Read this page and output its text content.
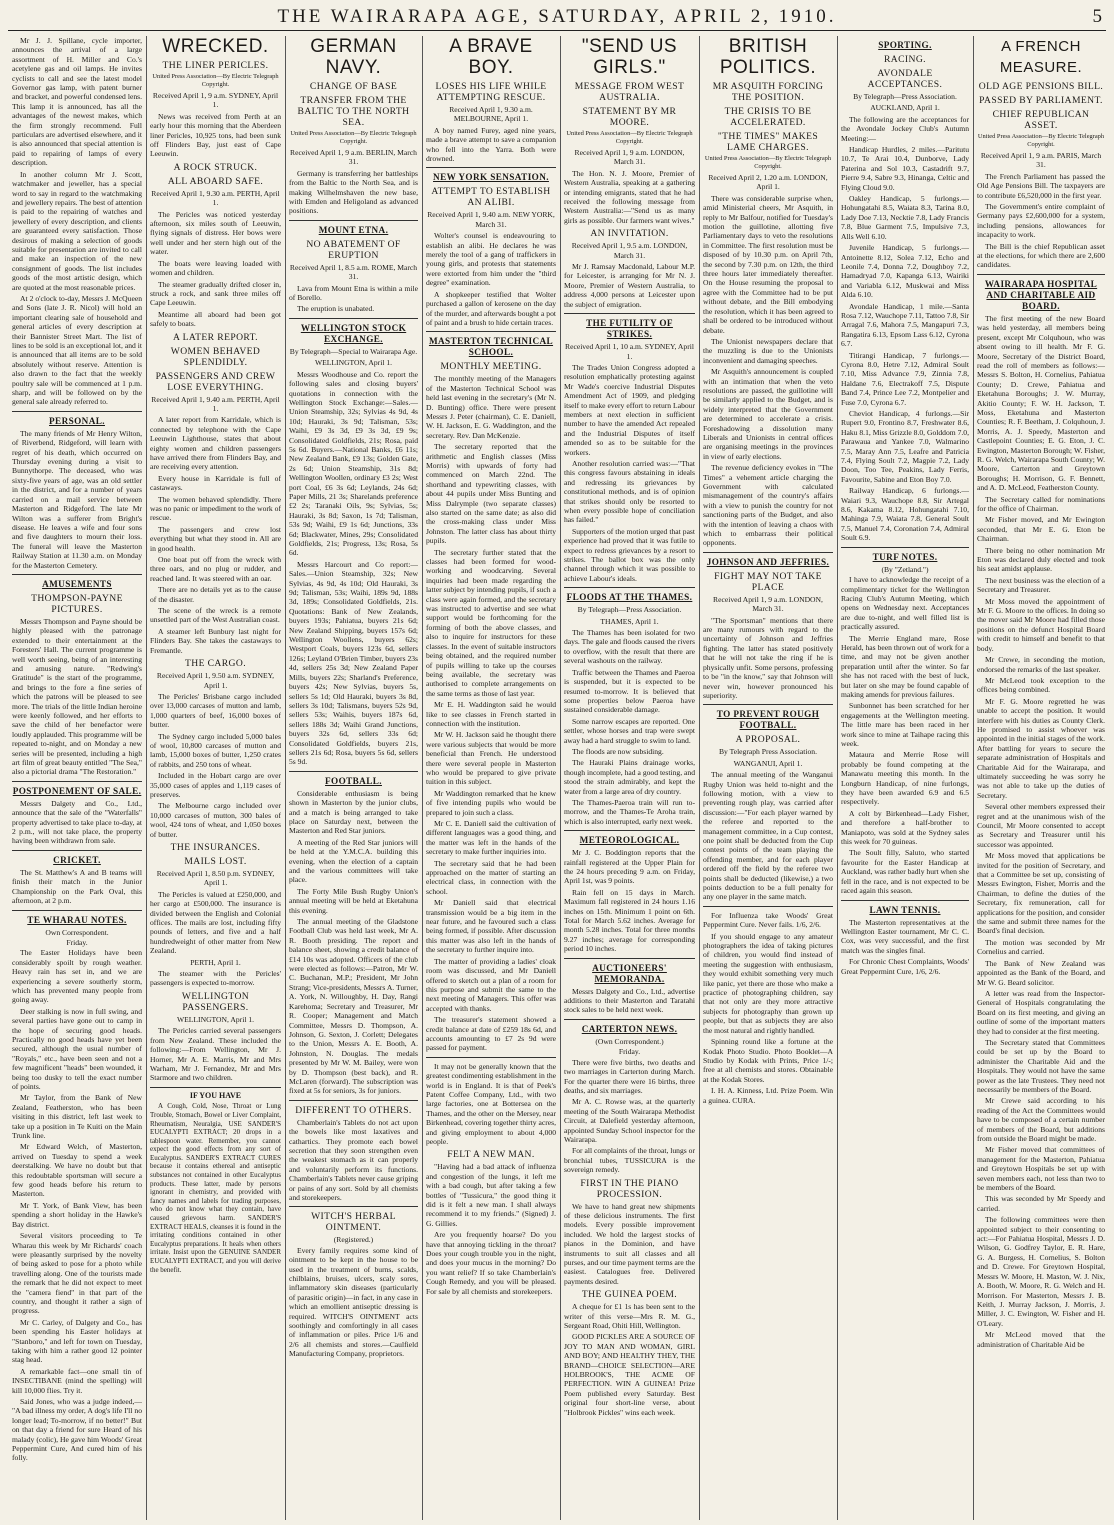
THE WAIRARAPA AGE, SATURDAY, APRIL 2, 1910.	5

Mr J. J. Spillane, cycle importer, announces the arrival of a large assortment of H. Miller and Co.'s acetylene gas and oil lamps. He invites cyclists to call and see the latest model Governor gas lamp, with patent burner and bracket, and powerful condensed lens. This lamp it is announced, has all the advantages of the newest makes, which the firm strongly recommend. Full particulars are advertised elsewhere, and it is also announced that special attention is paid to repairing of lamps of every description.

In another column Mr J. Scott, watchmaker and jeweller, has a special word to say in regard to the watchmaking and jewellery repairs. The best of attention is paid to the repairing of watches and jewellery of every description, and clients are guaranteed every satisfaction. Those desirous of making a selection of goods suitable for presentation are invited to call and make an inspection of the new consignment of goods. The list includes goods of the most artistic design, which are quoted at the most reasonable prices.

At 2 o'clock to-day, Messrs J. McQueen and Sons (late J. R. Nicol) will hold an important clearing sale of household and general articles of every description at their Bannister Street Mart. The list of lines to be sold is an exceptional lot, and it is announced that all items are to be sold absolutely without reserve. Attention is also drawn to the fact that the weekly poultry sale will be commenced at 1 p.m. sharp, and will be followed on by the general sale already referred to.

PERSONAL.

The many friends of Mr Henry Wilton, of Riverbend, Ridgeford, will learn with regret of his death, which occurred on Thursday evening during a visit to Bunnythorpe. The deceased, who was sixty-five years of age, was an old settler in the district, and for a number of years carried on a mail service between Masterton and Ridgeford. The late Mr Wilton was a sufferer from Bright's disease. He leaves a wife and four sons and five daughters to mourn their loss. The funeral will leave the Masterton Railway Station at 11.30 a.m. on Monday for the Masterton Cemetery.

AMUSEMENTS
THOMPSON-PAYNE PICTURES.

Messrs Thompson and Payne should be highly pleased with the patronage extended to their entertainment at the Foresters' Hall. The current programme is well worth seeing, being of an interesting and amusing nature. "Redwing's Gratitude" is the start of the programme, and brings to the fore a fine series of which the patrons will be pleased to see more. The trials of the little Indian heroine were keenly followed, and her efforts to save the child of her benefactor were loudly applauded. This programme will be repeated to-night, and on Monday a new series will be presented, including a high art film of great beauty entitled "The Sea," also a pictorial drama "The Restoration."

POSTPONEMENT OF SALE.

Messrs Dalgety and Co., Ltd., announce that the sale of the "Waterfalls" property advertised to take place to-day, at 2 p.m., will not take place, the property having been withdrawn from sale.

CRICKET.

The St. Matthew's A and B teams will finish their match in the Junior Championship on the Park Oval, this afternoon, at 2 p.m.

TE WHARAU NOTES.

Own Correspondent.

Friday.

The Easter Holidays have been considerably spoilt by rough weather. Heavy rain has set in, and we are experiencing a severe southerly storm, which has prevented many people from going away.

Deer stalking is now in full swing, and several parties have gone out to camp in the hope of securing good heads. Practically no good heads have yet been secured, although the usual number of "Royals," etc., have been seen and not a few magnificent "heads" been wounded, it being too dusky to tell the exact number of points.

Mr Taylor, from the Bank of New Zealand, Featherston, who has been visiting in this district, left last week to take up a position in Te Kuiti on the Main Trunk line.

Mr Edward Welch, of Masterton, arrived on Tuesday to spend a week deerstalking. We have no doubt but that this redoubtable sportsman will secure a few good heads before his return to Masterton.

Mr T. York, of Bank View, has been spending a short holiday in the Hawke's Bay district.

Several visitors proceeding to Te Wharau this week by Mr Richards' coach were pleasantly surprised by the novelty of being asked to pose for a photo while travelling along. One of the tourists made the remark that he did not expect to meet the "camera fiend" in that part of the country, and thought it rather a sign of progress.

Mr C. Carley, of Dalgety and Co., has been spending his Easter holidays at "Stanboro," and left for town on Tuesday, taking with him a rather good 12 pointer stag head.

A remarkable fact—one small tin of INSECTIBANE (mind the spelling) will kill 10,000 flies. Try it.

Said Jones, who was a judge indeed,— "A bad illness my order, A dog's life I'll no longer lead; To-morrow, if no better!" But on that day a friend for sure Heard of his malady (colic), He gave him Woods' Great Peppermint Cure, And cured him of his folly.

WRECKED.
THE LINER PERICLES.

United Press Association—By Electric Telegraph Copyright.

Received April 1, 9 a.m. SYDNEY, April 1.

News was received from Perth at an early hour this morning that the Aberdeen liner Pericles, 10,925 tons, had been sunk off Flinders Bay, just east of Cape Leeuwin.

A ROCK STRUCK.
ALL ABOARD SAFE.

Received April 1, 9.30 a.m. PERTH, April 1.

The Pericles was noticed yesterday afternoon, six miles south of Leeuwin, flying signals of distress. Her bows were well under and her stern high out of the water.

The boats were leaving loaded with women and children.

The steamer gradually drifted closer in, struck a rock, and sank three miles off Cape Leeuwin.

Meantime all aboard had been got safely to boats.

A LATER REPORT.
WOMEN BEHAVED SPLENDIDLY.
PASSENGERS AND CREW LOSE EVERYTHING.

Received April 1, 9.40 a.m. PERTH, April 1.

A later report from Karridale, which is connected by telephone with the Cape Leeuwin Lighthouse, states that about eighty women and children passengers have arrived there from Flinders Bay, and are receiving every attention.

Every house in Karridale is full of castaways.

The women behaved splendidly. There was no panic or impediment to the work of rescue.

The passengers and crew lost everything but what they stood in. All are in good health.

One boat put off from the wreck with three oars, and no plug or rudder, and reached land. It was steered with an oar.

There are no details yet as to the cause of the disaster.

The scene of the wreck is a remote unsettled part of the West Australian coast.

A steamer left Bunbury last night for Flinders Bay. She takes the castaways to Fremantle.

THE CARGO.

Received April 1, 9.50 a.m. SYDNEY, April 1.

The Pericles' Brisbane cargo included over 13,000 carcases of mutton and lamb, 1,000 quarters of beef, 16,000 boxes of butter.

The Sydney cargo included 5,000 bales of wool, 10,800 carcases of mutton and lamb, 15,000 boxes of butter, 1,250 crates of rabbits, and 250 tons of wheat.

Included in the Hobart cargo are over 35,000 cases of apples and 1,119 cases of preserves.

The Melbourne cargo included over 10,000 carcases of mutton, 300 bales of wool, 424 tons of wheat, and 1,050 boxes of butter.

THE INSURANCES.
MAILS LOST.

Received April 1, 8.50 p.m. SYDNEY, April 1.

The Pericles is valued at £250,000, and her cargo at £500,000. The insurance is divided between the English and Colonial offices. The mails are lost, including fifty pounds of letters, and five and a half hundredweight of other matter from New Zealand.

PERTH, April 1.

The steamer with the Pericles' passengers is expected to-morrow.

WELLINGTON PASSENGERS.

WELLINGTON, April 1.

The Pericles carried several passengers from New Zealand. These included the following:—From Wellington, Mr J. Horner, Mr A. E. Marris, Mr and Mrs Warham, Mr J. Fernandez, Mr and Mrs Starmore and two children.

IF YOU HAVE

A Cough, Cold, Nose, Throat or Lung Trouble, Stomach, Bowel or Liver Complaint, Rheumatism, Neuralgia, USE SANDER'S EUCALYPTI EXTRACT; 20 drops in a tablespoon water. Remember, you cannot expect the good effects from any sort of Eucalyptus. SANDER'S EXTRACT CURES because it contains ethereal and antiseptic substances not contained in other Eucalyptus products. These latter, made by persons ignorant in chemistry, and provided with fancy names and labels for trading purposes, who do not know what they contain, have caused grievous harm. SANDER'S EXTRACT HEALS, cleanses it is found in the irritating conditions contained in other Eucalyptus preparations. It heals when others irritate. Insist upon the GENUINE SANDER EUCALYPTI EXTRACT, and you will derive the benefit.

GERMAN NAVY.
CHANGE OF BASE
TRANSFER FROM THE BALTIC TO THE NORTH SEA.

United Press Association—By Electric Telegraph Copyright.

Received April 1, 9 a.m. BERLIN, March 31.

Germany is transferring her battleships from the Baltic to the North Sea, and is making Wilhelmshaven the new base, with Emden and Heligoland as advanced positions.

MOUNT ETNA.
NO ABATEMENT OF ERUPTION

Received April 1, 8.5 a.m. ROME, March 31.

Lava from Mount Etna is within a mile of Borello.

The eruption is unabated.

WELLINGTON STOCK EXCHANGE.

By Telegraph—Special to Wairarapa Age.

WELLINGTON, April 1.

Messrs Woodhouse and Co. report the following sales and closing buyers' quotations in connection with the Wellington Stock Exchange:—Sales.—Union Steamship, 32s; Sylvias 4s 9d, 4s 10d; Hauraki, 3s 9d; Talisman, 53s; Waihi, £9 3s 3d, £9 3s 3d, £9 9s; Consolidated Goldfields, 21s; Rosa, paid 5s 6d. Buyers.—National Banks, £6 11s; New Zealand Bank, £9 13s; Golden Gate, 2s 6d; Union Steamship, 31s 8d; Wellington Woollen, ordinary £3 2s; West port Coal, £6 3s 6d; Leylands, 24s 6d; Paper Mills, 21 3s; Sharelands preference £2 2s; Taranaki Oils, 9s; Sylvias, 5s; Hauraki, 3s 8d; Saxon, 1s 7d; Talisman, 53s 9d; Waihi, £9 1s 6d; Junctions, 33s 6d; Blackwater, Mines, 29s; Consolidated Goldfields, 21s; Progress, 13s; Rosa, 5s 6d.

Messrs Harcourt and Co report:—Sales.—Union Steamship, 32s; New Sylvias, 4s 9d, 4s 10d; Old Hauraki, 3s 9d; Talisman, 53s; Waihi, 189s 9d, 188s 3d, 189s; Consolidated Goldfields, 21s. Quotations: Bank of New Zealands, buyers 193s; Pahiatua, buyers 21s 6d; New Zealand Shipping, buyers 157s 6d; Wellington Woollens, buyers 62s; Westport Coals, buyers 123s 6d, sellers 126s; Leyland O'Brien Timber, buyers 23s 4d, sellers 25s 3d; New Zealand Paper Mills, buyers 22s; Sharland's Preference, buyers 42s; New Sylvias, buyers 5s, sellers 5s 1d; Old Hauraki, buyers 3s 8d, sellers 3s 10d; Talismans, buyers 52s 9d, sellers 53s; Waihis, buyers 187s 6d, sellers 188s 3d; Waihi Grand Junctions, buyers 32s 6d, sellers 33s 6d; Consolidated Goldfields, buyers 21s, sellers 21s 6d; Rosa, buyers 5s 6d, sellers 5s 9d.

FOOTBALL.

Considerable enthusiasm is being shown in Masterton by the junior clubs, and a match is being arranged to take place on Saturday next, between the Masterton and Red Star juniors.

A meeting of the Red Star juniors will be held at the Y.M.C.A. building this evening, when the election of a captain and the various committees will take place.

The Forty Mile Bush Rugby Union's annual meeting will be held at Eketahuna this evening.

The annual meeting of the Gladstone Football Club was held last week, Mr A. R. Booth presiding. The report and balance sheet, showing a credit balance of £14 10s was adopted. Officers of the club were elected as follows:—Patron, Mr W. C. Buchanan, M.P.; President, Mr John Strang; Vice-presidents, Messrs A. Turner, A. York, N. Willoughby, H. Day, Rangi Karehoma; Secretary and Treasurer, Mr R. Cooper; Management and Match Committee, Messrs D. Thompson, A. Johnson, G. Sexton, J. Corlett; Delegates to the Union, Messrs A. E. Booth, A. Johnston, N. Douglas. The medals presented by Mr W. M. Bailey, were won by D. Thompson (best back), and R. McLaren (forward). The subscription was fixed at 5s for seniors, 3s for juniors.

DIFFERENT TO OTHERS.

Chamberlain's Tablets do not act upon the bowels like most laxatives and cathartics. They promote each bowel secretion that they soon strengthen even the weakest stomach as it can properly and voluntarily perform its functions. Chamberlain's Tablets never cause griping or pains of any sort. Sold by all chemists and storekeepers.

WITCH'S HERBAL OINTMENT.

(Registered.)

Every family requires some kind of ointment to be kept in the house to be used in the treatment of burns, scalds, chilblains, bruises, ulcers, scaly sores, inflammatory skin diseases (particularly of parasitic origin)—in fact, in any case in which an emollient antiseptic dressing is required. WITCH'S OINTMENT acts soothingly and comfortingly in all cases of inflammation or piles. Price 1/6 and 2/6 all chemists and stores.—Caulfield Manufacturing Company, proprietors.

A BRAVE BOY.
LOSES HIS LIFE WHILE ATTEMPTING RESCUE.

Received April 1, 9.30 a.m. MELBOURNE, April 1.

A boy named Furey, aged nine years, made a brave attempt to save a companion who fell into the Yarra. Both were drowned.

NEW YORK SENSATION.
ATTEMPT TO ESTABLISH AN ALIBI.

Received April 1, 9.40 a.m. NEW YORK, March 31.

Wolter's counsel is endeavouring to establish an alibi. He declares he was merely the tool of a gang of traffickers in young girls, and protests that statements were extorted from him under the "third degree" examination.

A shopkeeper testified that Wolter purchased a gallon of kerosene on the day of the murder, and afterwards bought a pot of paint and a brush to hide certain traces.

MASTERTON TECHNICAL SCHOOL.
MONTHLY MEETING.

The monthly meeting of the Managers of the Masterton Technical School was held last evening in the secretary's (Mr N. D. Bunting) office. There were present Messrs J. Peter (chairman), C. E. Daniell, W. H. Jackson, E. G. Waddington, and the secretary. Rev. Dan McKenzie.

The secretary reported that the arithmetic and English classes (Miss Morris) with upwards of forty had commenced on March 22nd. The shorthand and typewriting classes, with about 44 pupils under Miss Bunting and Miss Dalrymple (two separate classes) also started on the same date; as also did the cross-making class under Miss Johnston. The latter class has about thirty pupils.

The secretary further stated that the classes had been formed for wood-working and woodcarving. Several inquiries had been made regarding the latter subject by intending pupils, if such a class were again formed, and the secretary was instructed to advertise and see what support would be forthcoming for the forming of both the above classes, and also to inquire for instructors for these classes. In the event of suitable instructors being obtained, and the required number of pupils willing to take up the courses being available, the secretary was authorised to complete arrangements on the same terms as those of last year.

Mr E. H. Waddington said he would like to see classes in French started in connection with the institution.

Mr W. H. Jackson said he thought there were various subjects that would be more beneficial than French. He understood there were several people in Masterton who would be prepared to give private tuition in this subject.

Mr Waddington remarked that he knew of five intending pupils who would be prepared to join such a class.

Mr C. E. Daniell said the cultivation of different languages was a good thing, and the matter was left in the hands of the secretary to make further inquiries into.

The secretary said that he had been approached on the matter of starting an electrical class, in connection with the school.

Mr Daniell said that electrical transmission would be a big item in the near future, and he favoured such a class being formed, if possible. After discussion this matter was also left in the hands of the secretary to further inquire into.

The matter of providing a ladies' cloak room was discussed, and Mr Daniell offered to sketch out a plan of a room for this purpose and submit the same to the next meeting of Managers. This offer was accepted with thanks.

The treasurer's statement showed a credit balance at date of £259 18s 6d, and accounts amounting to £7 2s 9d were passed for payment.

It may not be generally known that the greatest condimenting establishment in the world is in England. It is that of Peek's Patent Coffee Company, Ltd., with two large factories, one at Bottersea on the Thames, and the other on the Mersey, near Birkenhead, covering together thirty acres, and giving employment to about 4,000 people.

FELT A NEW MAN.

"Having had a bad attack of influenza and congestion of the lungs, it left me with a bad cough, but after taking a few bottles of "Tussicura," the good thing it did is it felt a new man. I shall always recommend it to my friends." (Signed) J. G. Gillies.

Are you frequently hoarse? Do you have that annoying tickling in the throat? Does your cough trouble you in the night, and does your mucus in the morning? Do you want relief? If so take Chamberlain's Cough Remedy, and you will be pleased. For sale by all chemists and storekeepers.

"SEND US GIRLS."
MESSAGE FROM WEST AUSTRALIA.
STATEMENT BY MR MOORE.

United Press Association—By Electric Telegraph Copyright.

Received April 1, 9 a.m. LONDON, March 31.

The Hon. N. J. Moore, Premier of Western Australia, speaking at a gathering or intending emigrants, stated that he had received the following message from Western Australia:—"Send us as many girls as possible. Our farmers want wives."

AN INVITATION.

Received April 1, 9.5 a.m. LONDON, March 31.

Mr J. Ramsay Macdonald, Labour M.P. for Leicester, is arranging for Mr N. J. Moore, Premier of Western Australia, to address 4,000 persons at Leicester upon the subject of emigration.

THE FUTILITY OF STRIKES.

Received April 1, 10 a.m. SYDNEY, April 1.

The Trades Union Congress adopted a resolution emphatically protesting against Mr Wade's coercive Industrial Disputes Amendment Act of 1909, and pledging itself to make every effort to return Labour members at next election in sufficient number to have the amended Act repealed and the Industrial Disputes of itself amended so as to be suitable for the workers.

Another resolution carried was:—"That this congress favours abstaining in ideals and redressing its grievances by constitutional methods, and is of opinion that strikes should only be resorted to when every possible hope of conciliation has failed."

Supporters of the motion urged that past experience had proved that it was futile to expect to redress grievances by a resort to strikes. The ballot box was the only channel through which it was possible to achieve Labour's ideals.

FLOODS AT THE THAMES.

By Telegraph—Press Association.

THAMES, April 1.

The Thames has been isolated for two days. The gale and floods caused the rivers to overflow, with the result that there are several washouts on the railway.

Traffic between the Thames and Paeroa is suspended, but it is expected to be resumed to-morrow. It is believed that some properties below Paeroa have sustained considerable damage.

Some narrow escapes are reported. One settler, whose horses and trap were swept away had a hard struggle to swim to land.

The floods are now subsiding.

The Hauraki Plains drainage works, though incomplete, had a good testing, and stood the strain admirably, and kept the water from a large area of dry country.

The Thames-Paeroa train will run to-morrow, and the Thames-Te Aroha train, which is also interrupted, early next week.

METEOROLOGICAL.

Mr J. C. Boddington reports that the rainfall registered at the Upper Plain for the 24 hours preceding 9 a.m. on Friday, April 1st, was 9 points.

Rain fell on 15 days in March. Maximum fall registered in 24 hours 1.16 inches on 15th. Minimum 1 point on 6th. Total for March 5.62 inches. Average for month 5.28 inches. Total for three months 9.27 inches; average for corresponding period 10 inches.

AUCTIONEERS' MEMORANDA.

Messrs Dalgety and Co., Ltd., advertise additions to their Masterton and Taratahi stock sales to be held next week.

CARTERTON NEWS.

(Own Correspondent.)

Friday.

There were five births, two deaths and two marriages in Carterton during March. For the quarter there were 16 births, three deaths, and six marriages.

Mr A. C. Rowse was, at the quarterly meeting of the South Wairarapa Methodist Circuit, at Dalefield yesterday afternoon, appointed Sunday School inspector for the Wairarapa.

For all complaints of the throat, lungs or bronchial tubes, TUSSICURA is the sovereign remedy.

FIRST IN THE PIANO PROCESSION.

We have to hand great new shipments of these delicious instruments. The first models. Every possible improvement included. We hold the largest stocks of pianos in the Dominion, and have instruments to suit all classes and all purses, and our time payment terms are the easiest. Catalogues free. Delivered payments desired.

THE GUINEA POEM.

A cheque for £1 1s has been sent to the writer of this verse—Mrs R. M. G., Sergeant Road, Ohiti Hill, Wellington.

GOOD PICKLES ARE A SOURCE OF JOY TO MAN AND WOMAN, GIRL AND BOY; AND HEALTHY THEY, THE BRAND—CHOICE SELECTION—ARE HOLBROOK'S, THE ACME OF PERFECTION. WIN A GUINEA! Prize Poem published every Saturday. Best original four short-line verse, about "Holbrook Pickles" wins each week.

BRITISH POLITICS.
MR ASQUITH FORCING THE POSITION.
THE CRISIS TO BE ACCELERATED.
"THE TIMES" MAKES LAME CHARGES.

United Press Association—By Electric Telegraph Copyright.

Received April 2, 1.20 a.m. LONDON, April 1.

There was considerable surprise when, amid Ministerial cheers, Mr Asquith, in reply to Mr Balfour, notified for Tuesday's motion the guillotine, allotting five Parliamentary days to veto the resolutions in Committee. The first resolution must be disposed of by 10.30 p.m. on April 7th, the second by 7.30 p.m. on 12th, the third three hours later immediately thereafter. On the House resuming the proposal to agree with the Committee had to be put without debate, and the Bill embodying the resolution, which it has been agreed to shall be ordered to be introduced without debate.

The Unionist newspapers declare that the muzzling is due to the Unionists inconvenient and damaging speeches.

Mr Asquith's announcement is coupled with an intimation that when the veto resolutions are passed, the guillotine will be similarly applied to the Budget, and is widely interpreted that the Government are determined to accelerate a crisis. Foreshadowing a dissolution many Liberals and Unionists in central offices are organising meetings in the provinces in view of early elections.

The revenue deficiency evokes in "The Times" a vehement article charging the Government with calculated mismanagement of the country's affairs with a view to punish the country for not sanctioning parts of the Budget, and also with the intention of leaving a chaos with which to embarrass their political opponents.

JOHNSON AND JEFFRIES.
FIGHT MAY NOT TAKE PLACE

Received April 1, 9 a.m. LONDON, March 31.

"The Sportsman" mentions that there are many rumours with regard to the uncertainty of Johnson and Jeffries fighting. The latter has stated positively that he will not take the ring if he is physically unfit. Some persons, professing to be "in the know," say that Johnson will never win, however pronounced his superiority.

TO PREVENT ROUGH FOOTBALL.
A PROPOSAL.

By Telegraph Press Association.

WANGANUI, April 1.

The annual meeting of the Wanganui Rugby Union was held to-night and the following motion, with a view to preventing rough play, was carried after discussion:—"For each player warned by the referee and reported to the management committee, in a Cup contest, one point shall be deducted from the Cup contest points of the team playing the offending member, and for each player ordered off the field by the referee two points shall be deducted (likewise,) a two points deduction to be a full penalty for any one player in the same match.

For Influenza take Woods' Great Peppermint Cure. Never fails. 1/6, 2/6.

If you should engage to any amateur photographers the idea of taking pictures of children, you would find instead of meeting the suggestion with enthusiasm, they would exhibit something very much like panic, yet there are those who make a practice of photographing children, say that not only are they more attractive subjects for photography than grown up people, but that as subjects they are also the most natural and rightly handled.

Spinning round like a fortune at the Kodak Photo Studio. Photo Booklet—A Studio by Kodak with Prints, Price 1/-; free at all chemists and stores. Obtainable at the Kodak Stores.

I. H. A. Kinness, Ltd. Prize Poem. Win a guinea. CURA.

SPORTING.
RACING.
AVONDALE ACCEPTANCES.

By Telegraph—Press Association.

AUCKLAND, April 1.

The following are the acceptances for the Avondale Jockey Club's Autumn Meeting:—

Handicap Hurdles, 2 miles.—Paritutu 10.7, Te Arai 10.4, Dunborve, Lady Paterina and Sol 10.3, Castadrift 9.7, Pierre 9.4, Sabre 9.3, Hinanga, Celtic and Flying Cloud 9.0.

Oakley Handicap, 5 furlongs.—Hohungatahi 8.5, Waiata 8.3, Tarina 8.0, Lady Doe 7.13, Necktie 7.8, Lady Francis 7.8, Blue Garment 7.5, Impulsive 7.3, Alls Well 6.10.

Juvenile Handicap, 5 furlongs.—Antoinette 8.12, Solea 7.12, Echo and Leonile 7.4, Donna 7.2, Doughboy 7.2, Hamadryad 7.0, Kapanga 6.13, Wairiki and Variabla 6.12, Muskwai and Miss Alda 6.10.

Avondale Handicap, 1 mile.—Santa Rosa 7.12, Wauchope 7.11, Tattoo 7.8, Sir Arragal 7.6, Mahora 7.5, Mangapuri 7.3, Rangatira 6.13, Epsom Lass 6.12, Cyrona 6.7.

Titirangi Handicap, 7 furlongs.—Cyrona 8.0, Hetre 7.12, Admiral Soult 7.10, Miss Advance 7.9, Zinnia 7.8, Haldane 7.6, Electrakoff 7.5, Dispute Band 7.4, Prince Lee 7.2, Montpelier and Fuse 7.0, Cyrona 6.7.

Cheviot Handicap, 4 furlongs.—Sir Rupert 9.0, Frontino 8.7, Freshwater 8.6, Haku 8.1, Miss Grizzle 8.0, Golddom 7.0, Parawaua and Yankee 7.0, Walmarino 7.5, Maray Ann 7.5, Leafre and Patricia 7.4, Flying Soult 7.2, Magpie 7.2, Lady Doon, Too Tee, Peakins, Lady Ferris, Favourite, Sabine and Eton Boy 7.0.

Railway Handicap, 6 furlongs.—Waiari 9.3, Wauchope 8.8, Sir Artegal 8.6, Kakama 8.12, Hohungatahi 7.10, Mahinga 7.9, Waiata 7.8, General Soult 7.5, Manuel 7.4, Coronation 7.4, Admiral Soult 6.9.

TURF NOTES.

(By "Zetland.")

I have to acknowledge the receipt of a complimentary ticket for the Wellington Racing Club's Autumn Meeting, which opens on Wednesday next. Acceptances are due to-night, and well filled list is practically assured.

The Merrie England mare, Rose Herald, has been thrown out of work for a time, and may not be given another preparation until after the winter. So far she has not raced with the best of luck, but later on she may be found capable of making amends for previous failures.

Sunbonnet has been scratched for her engagements at the Wellington meeting. The little mare has been raced in her work since to mine at Taihape racing this week.

Mataura and Merrie Rose will probably be found competing at the Manawatu meeting this month. In the Longburn Handicap, of nine furlongs, they have been awarded 6.9 and 6.5 respectively.

A colt by Birkenhead—Lady Fisher, and therefore a half-brother to Maniapoto, was sold at the Sydney sales this week for 70 guineas.

The Soult filly, Saluto, who started favourite for the Easter Handicap at Auckland, was rather badly hurt when she fell in the race, and is not expected to be raced again this season.

LAWN TENNIS.

The Masterton representatives at the Wellington Easter tournament, Mr C. C. Cox, was very successful, and the first match was the singles final.

For Chronic Chest Complaints, Woods' Great Peppermint Cure, 1/6, 2/6.

A FRENCH MEASURE.
OLD AGE PENSIONS BILL.
PASSED BY PARLIAMENT.
CHIEF REPUBLICAN ASSET.

United Press Association—By Electric Telegraph Copyright.

Received April 1, 9 a.m. PARIS, March 31.

The French Parliament has passed the Old Age Pensions Bill. The taxpayers are to contribute £6,520,000 in the first year.

The Government's entire complaint of Germany pays £2,600,000 for a system, including pensions, allowances for incapacity to work.

The Bill is the chief Republican asset at the elections, for which there are 2,600 candidates.

WAIRARAPA HOSPITAL AND CHARITABLE AID BOARD.

The first meeting of the new Board was held yesterday, all members being present, except Mr Colquhoun, who was absent owing to ill health. Mr F. G. Moore, Secretary of the District Board, read the roll of members as follows:—Messrs S. Bolton, H. Cornelius, Pahiatua County; D. Crewe, Pahiatua and Eketahuna Boroughs; J. W. Murray, Akitio County; F. W. H. Jackson, T. Moss, Eketahuna and Masterton Counties; R. F. Beetham, J. Colquhoun, J. Morris, A. J. Speedy, Masterton and Castlepoint Counties; E. G. Eton, J. C. Ewington, Masterton Borough; W. Fisher, R. G. Welch, Wairarapa South County; W. Moore, Carterton and Greytown Boroughs; H. Morrison, G. F. Bennett, and A. D. McLeod, Featherston County.

The Secretary called for nominations for the office of Chairman.

Mr Fisher moved, and Mr Ewington seconded, that Mr E. G. Eton be Chairman.

There being no other nomination Mr Eton was declared duly elected and took his seat amidst applause.

The next business was the election of a Secretary and Treasurer.

Mr Moss moved the appointment of Mr F. G. Moore to the offices. In doing so the mover said Mr Moore had filled those positions on the defunct Hospital Board with credit to himself and benefit to that body.

Mr Crewe, in seconding the motion, endorsed the remarks of the last speaker.

Mr McLeod took exception to the offices being combined.

Mr F. G. Moore regretted he was unable to accept the position. It would interfere with his duties as County Clerk. He promised to assist whoever was appointed in the initial stages of the work. After battling for years to secure the separate administration of Hospitals and Charitable Aid for the Wairarapa, and ultimately succeeding he was sorry he was not able to take up the duties of Secretary.

Several other members expressed their regret and at the unanimous wish of the Council, Mr Moore consented to accept as Secretary and Treasurer until his successor was appointed.

Mr Moss moved that applications be invited for the position of Secretary, and that a Committee be set up, consisting of Messrs Ewington, Fisher, Morris and the Chairman, to define the duties of the Secretary, fix remuneration, call for applications for the position, and consider the same and submit three names for the Board's final decision.

The motion was seconded by Mr Cornelius and carried.

The Bank of New Zealand was appointed as the Bank of the Board, and Mr W. G. Beard solicitor.

A letter was read from the Inspector-General of Hospitals congratulating the Board on its first meeting, and giving an outline of some of the important matters they had to consider at the first meeting.

The Secretary stated that Committees could be set up by the Board to administer the Charitable Aid and the Hospitals. They would not have the same power as the late Trustees. They need not necessarily be members of the Board.

Mr Crewe said according to his reading of the Act the Committees would have to be composed of a certain number of members of the Board, but additions from outside the Board might be made.

Mr Fisher moved that committees of management for the Masterton, Pahiatua and Greytown Hospitals be set up with seven members each, not less than two to be members of the Board.

This was seconded by Mr Speedy and carried.

The following committees were then appointed subject to their consenting to act:—For Pahiatua Hospital, Messrs J. D. Wilson, G. Godfrey Taylor, E. R. Hare, G. A. Burgess, H. Cornelius, S. Bolton and D. Crewe. For Greytown Hospital, Messrs W. Moore, H. Maston, W. J. Nix, A. Booth, W. Moore, R. G. Welch and H. Morrison. For Masterton, Messrs J. B. Keith, J. Murray Jackson, J. Morris, J. Miller, J. C. Ewington, W. Fisher and H. O'Leary.

Mr McLeod moved that the administration of Charitable Aid be
